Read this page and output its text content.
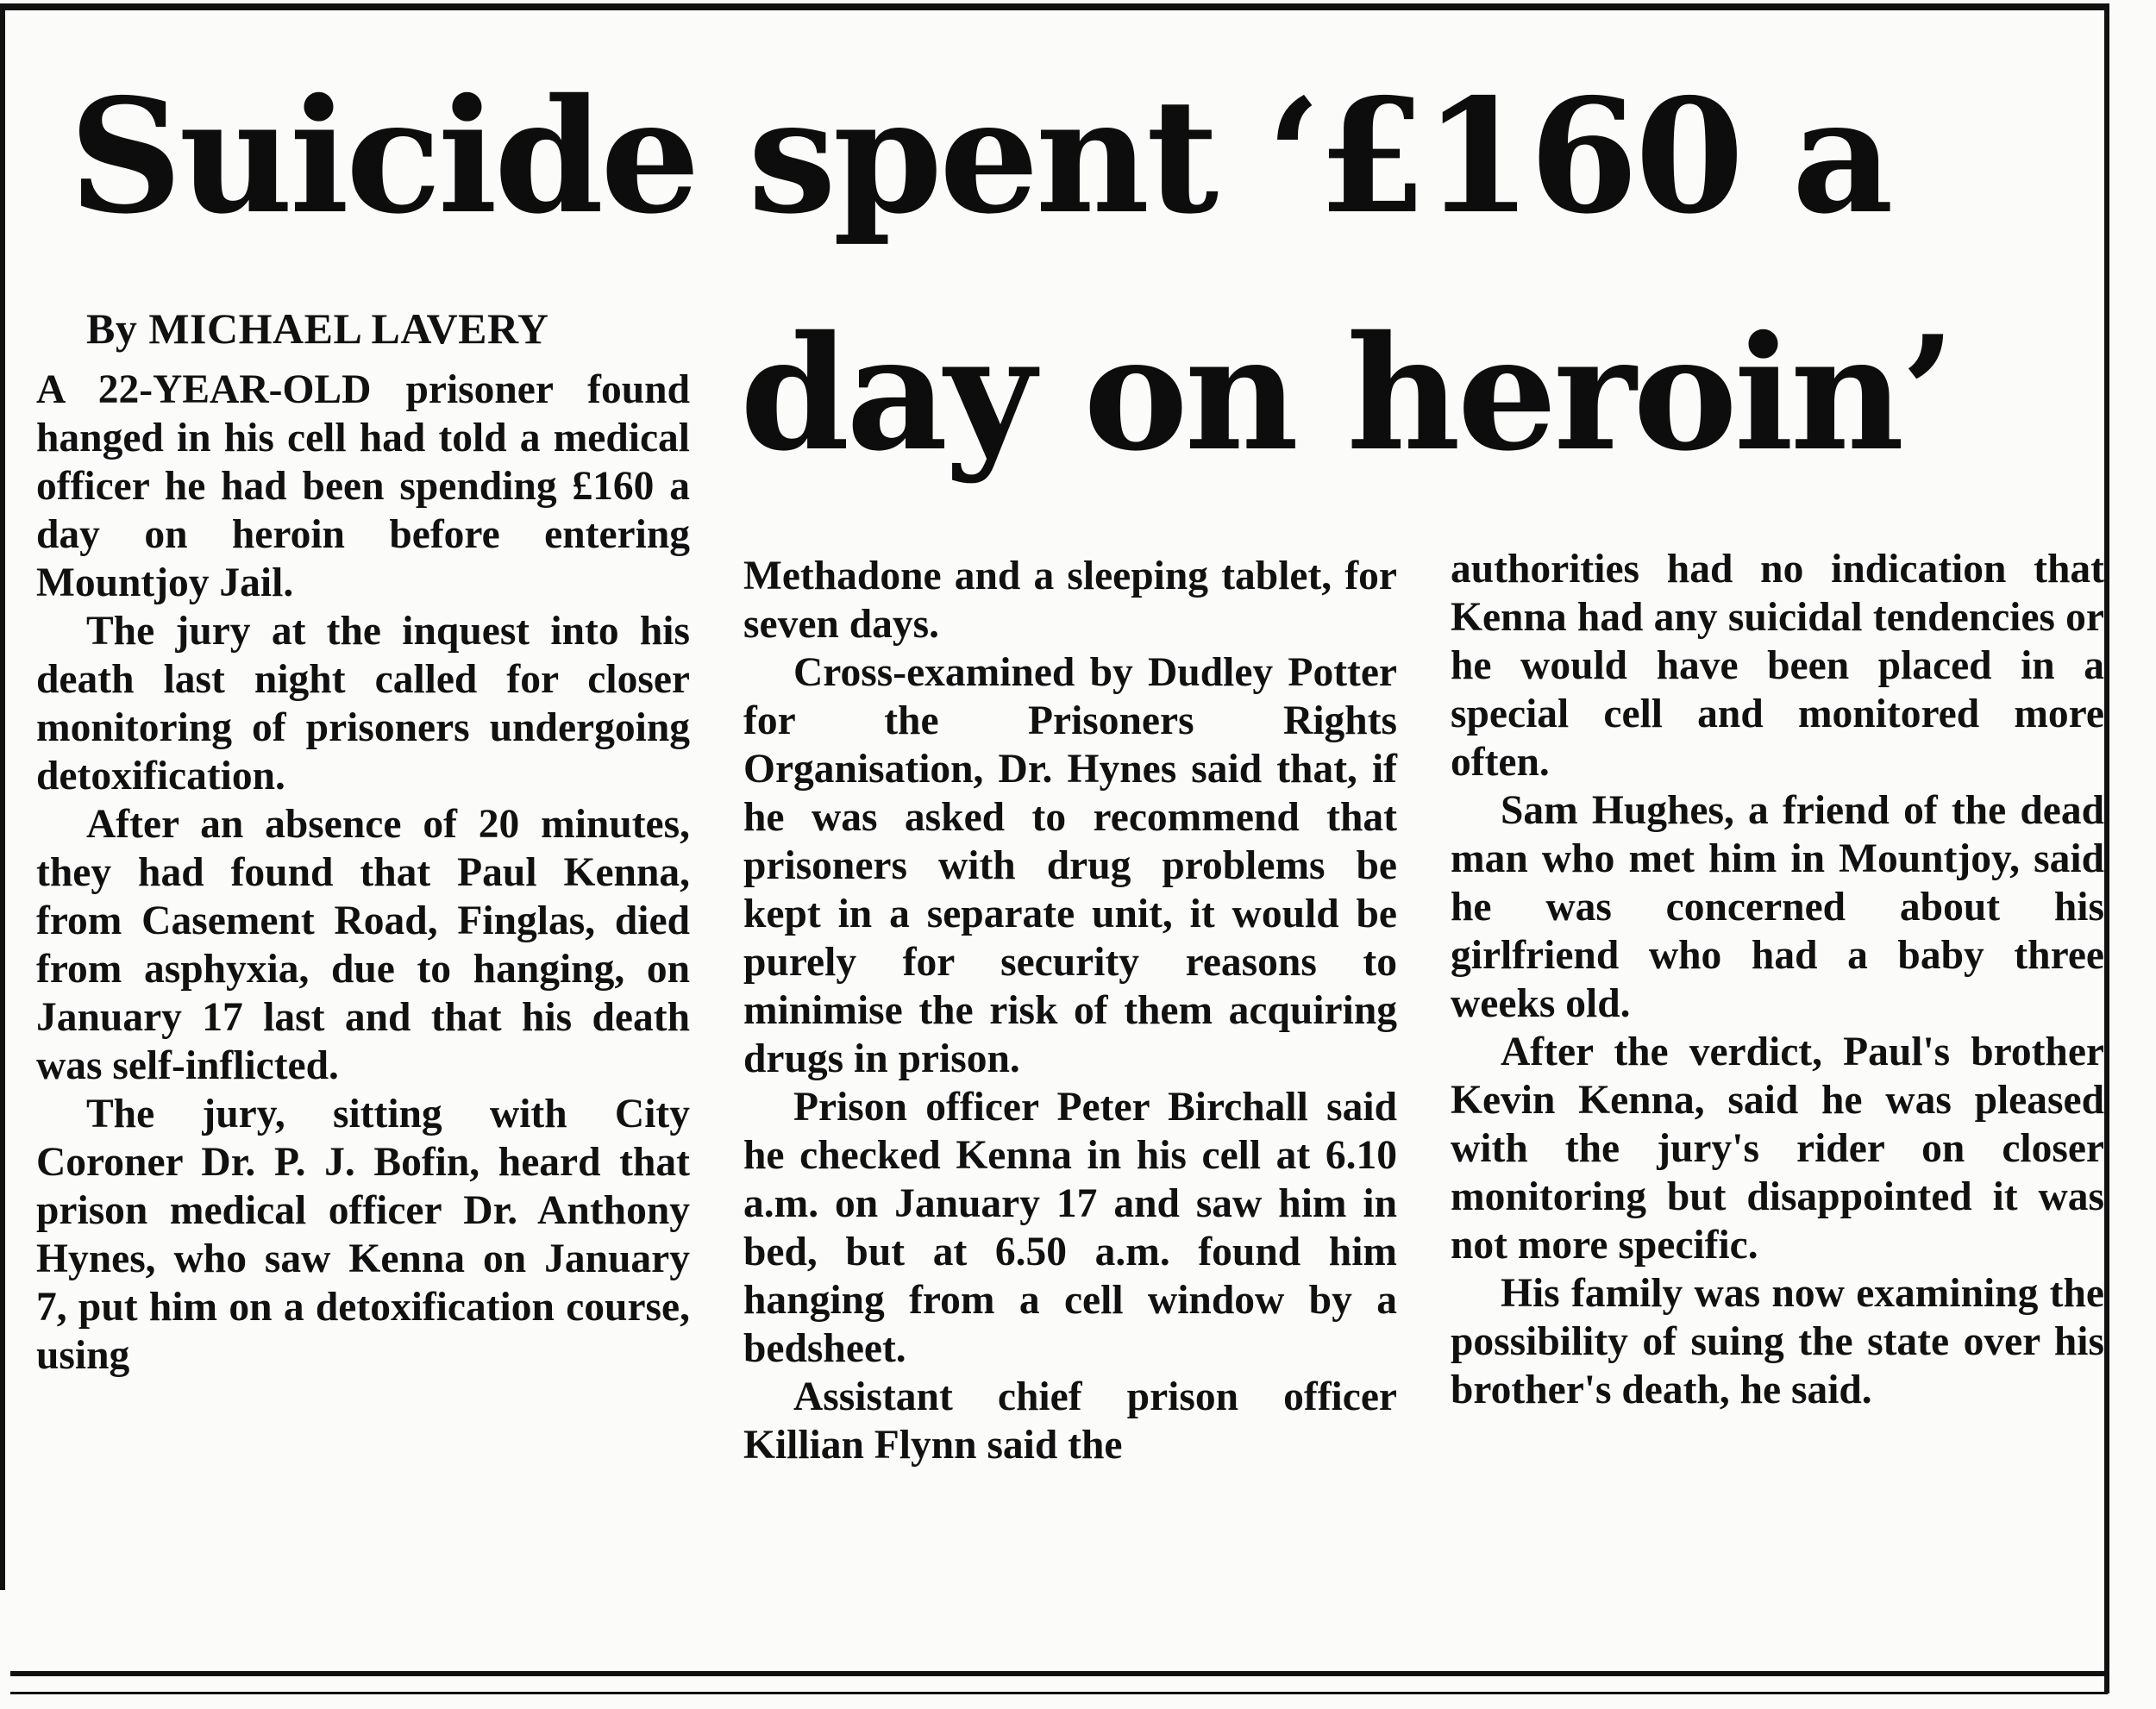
Suicide spent ‘£160 a
day on heroin’
By MICHAEL LAVERY

A 22-YEAR-OLD prisoner found hanged in his cell had told a medical officer he had been spending £160 a day on heroin before entering Mountjoy Jail.

The jury at the inquest into his death last night called for closer monitoring of prisoners undergoing detoxification.

After an absence of 20 minutes, they had found that Paul Kenna, from Casement Road, Finglas, died from asphyxia, due to hanging, on January 17 last and that his death was self-inflicted.

The jury, sitting with City Coroner Dr. P. J. Bofin, heard that prison medical officer Dr. Anthony Hynes, who saw Kenna on January 7, put him on a detoxification course, using

Methadone and a sleeping tablet, for seven days.

Cross-examined by Dudley Potter for the Prisoners Rights Organisation, Dr. Hynes said that, if he was asked to recommend that prisoners with drug problems be kept in a separate unit, it would be purely for security reasons to minimise the risk of them acquiring drugs in prison.

Prison officer Peter Birchall said he checked Kenna in his cell at 6.10 a.m. on January 17 and saw him in bed, but at 6.50 a.m. found him hanging from a cell window by a bedsheet.

Assistant chief prison officer Killian Flynn said the

authorities had no indication that Kenna had any suicidal tendencies or he would have been placed in a special cell and monitored more often.

Sam Hughes, a friend of the dead man who met him in Mountjoy, said he was concerned about his girlfriend who had a baby three weeks old.

After the verdict, Paul's brother Kevin Kenna, said he was pleased with the jury's rider on closer monitoring but disappointed it was not more specific.

His family was now examining the possibility of suing the state over his brother's death, he said.
